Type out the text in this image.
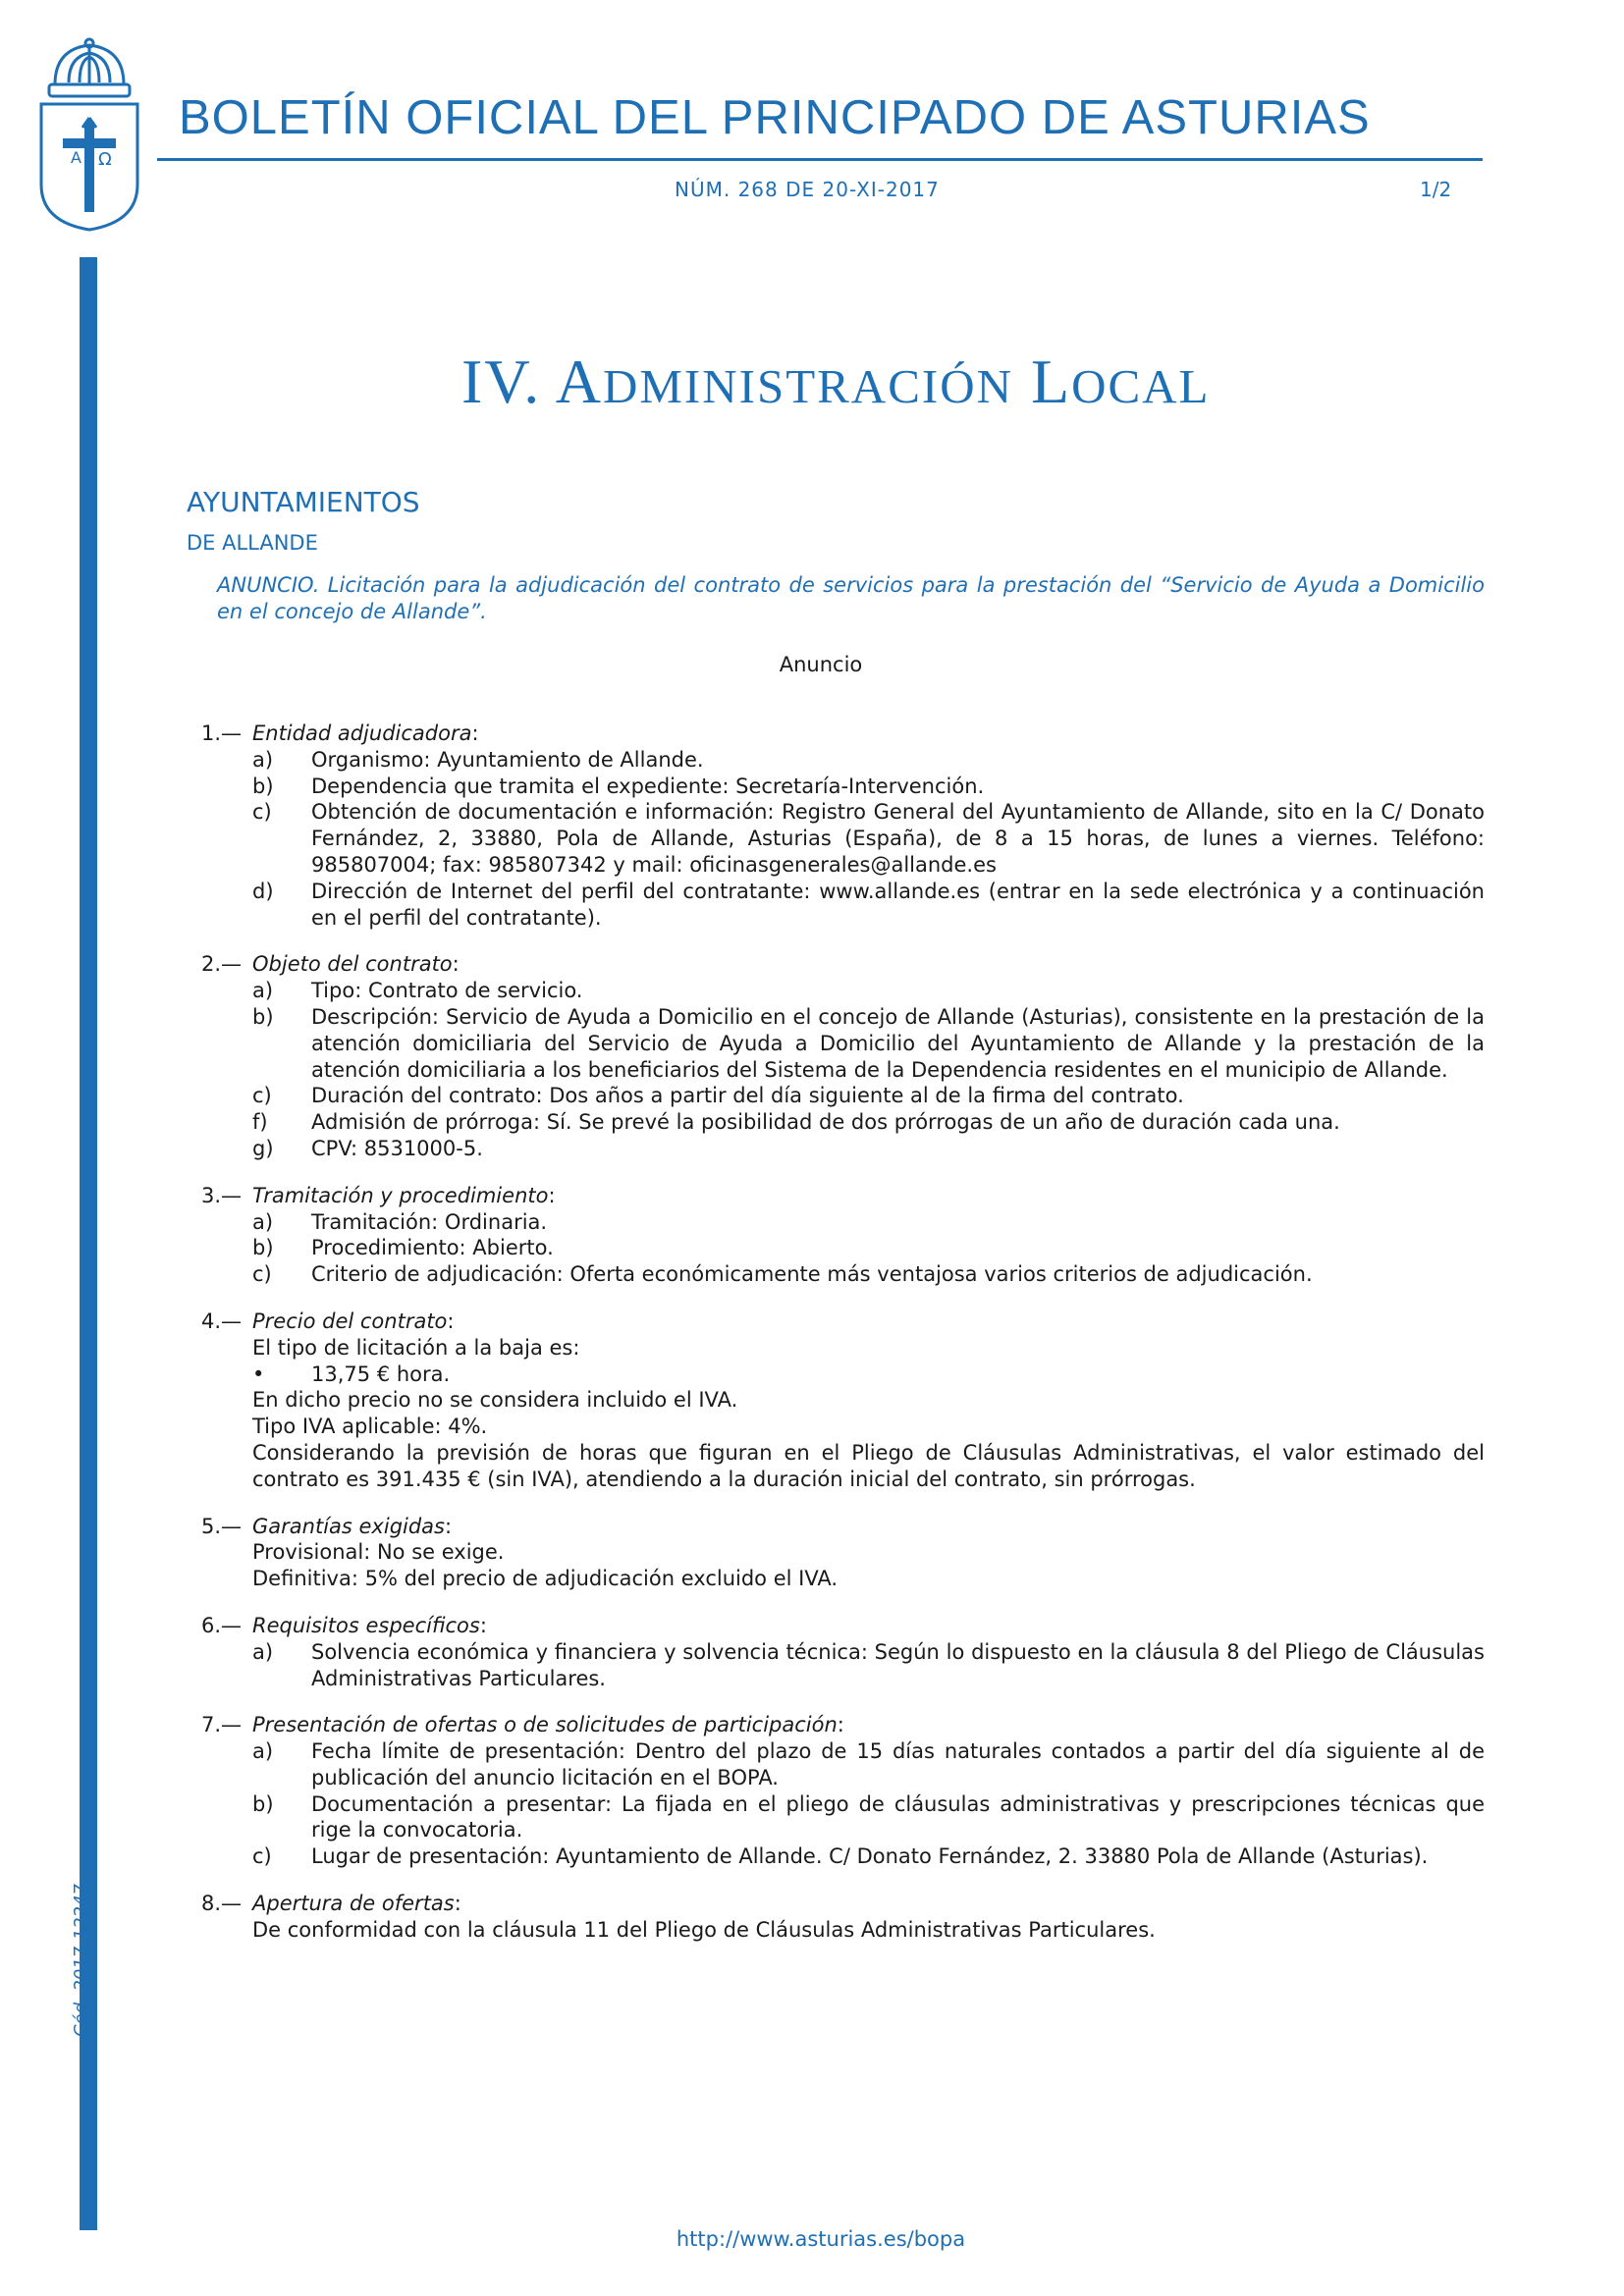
A Ω
BOLETÍN OFICIAL DEL PRINCIPADO DE ASTURIAS
NÚM. 268 DE 20-XI-2017	1/2
Cód. 2017-12247
IV. ADMINISTRACIÓN LOCAL
AYUNTAMIENTOS
DE ALLANDE
ANUNCIO. Licitación para la adjudicación del contrato de servicios para la prestación del “Servicio de Ayuda a Domicilio en el concejo de Allande”.
Anuncio
1.— Entidad adjudicadora :
a)	Organismo: Ayuntamiento de Allande.
b)	Dependencia que tramita el expediente: Secretaría-Intervención.
c)	Obtención de documentación e información: Registro General del Ayuntamiento de Allande, sito en la C/ Donato Fernández, 2, 33880, Pola de Allande, Asturias (España), de 8 a 15 horas, de lunes a viernes. Teléfono: 985807004; fax: 985807342 y mail: oficinasgenerales@allande.es
d)	Dirección de Internet del perfil del contratante: www.allande.es (entrar en la sede electrónica y a continuación en el perfil del contratante).
2.— Objeto del contrato :
a)	Tipo: Contrato de servicio.
b)	Descripción: Servicio de Ayuda a Domicilio en el concejo de Allande (Asturias), consistente en la prestación de la atención domiciliaria del Servicio de Ayuda a Domicilio del Ayuntamiento de Allande y la prestación de la atención domiciliaria a los beneficiarios del Sistema de la Dependencia residentes en el municipio de Allande.
c)	Duración del contrato: Dos años a partir del día siguiente al de la firma del contrato.
f)	Admisión de prórroga: Sí. Se prevé la posibilidad de dos prórrogas de un año de duración cada una.
g)	CPV: 8531000-5.
3.— Tramitación y procedimiento :
a)	Tramitación: Ordinaria.
b)	Procedimiento: Abierto.
c)	Criterio de adjudicación: Oferta económicamente más ventajosa varios criterios de adjudicación.
4.— Precio del contrato :
El tipo de licitación a la baja es:
•	13,75 € hora.
En dicho precio no se considera incluido el IVA.
Tipo IVA aplicable: 4%.
Considerando la previsión de horas que figuran en el Pliego de Cláusulas Administrativas, el valor estimado del contrato es 391.435 € (sin IVA), atendiendo a la duración inicial del contrato, sin prórrogas.
5.— Garantías exigidas :
Provisional: No se exige.
Definitiva: 5% del precio de adjudicación excluido el IVA.
6.— Requisitos específicos :
a)	Solvencia económica y financiera y solvencia técnica: Según lo dispuesto en la cláusula 8 del Pliego de Cláusulas Administrativas Particulares.
7.— Presentación de ofertas o de solicitudes de participación :
a)	Fecha límite de presentación: Dentro del plazo de 15 días naturales contados a partir del día siguiente al de publicación del anuncio licitación en el BOPA.
b)	Documentación a presentar: La fijada en el pliego de cláusulas administrativas y prescripciones técnicas que rige la convocatoria.
c)	Lugar de presentación: Ayuntamiento de Allande. C/ Donato Fernández, 2. 33880 Pola de Allande (Asturias).
8.— Apertura de ofertas :
De conformidad con la cláusula 11 del Pliego de Cláusulas Administrativas Particulares.
http://www.asturias.es/bopa
